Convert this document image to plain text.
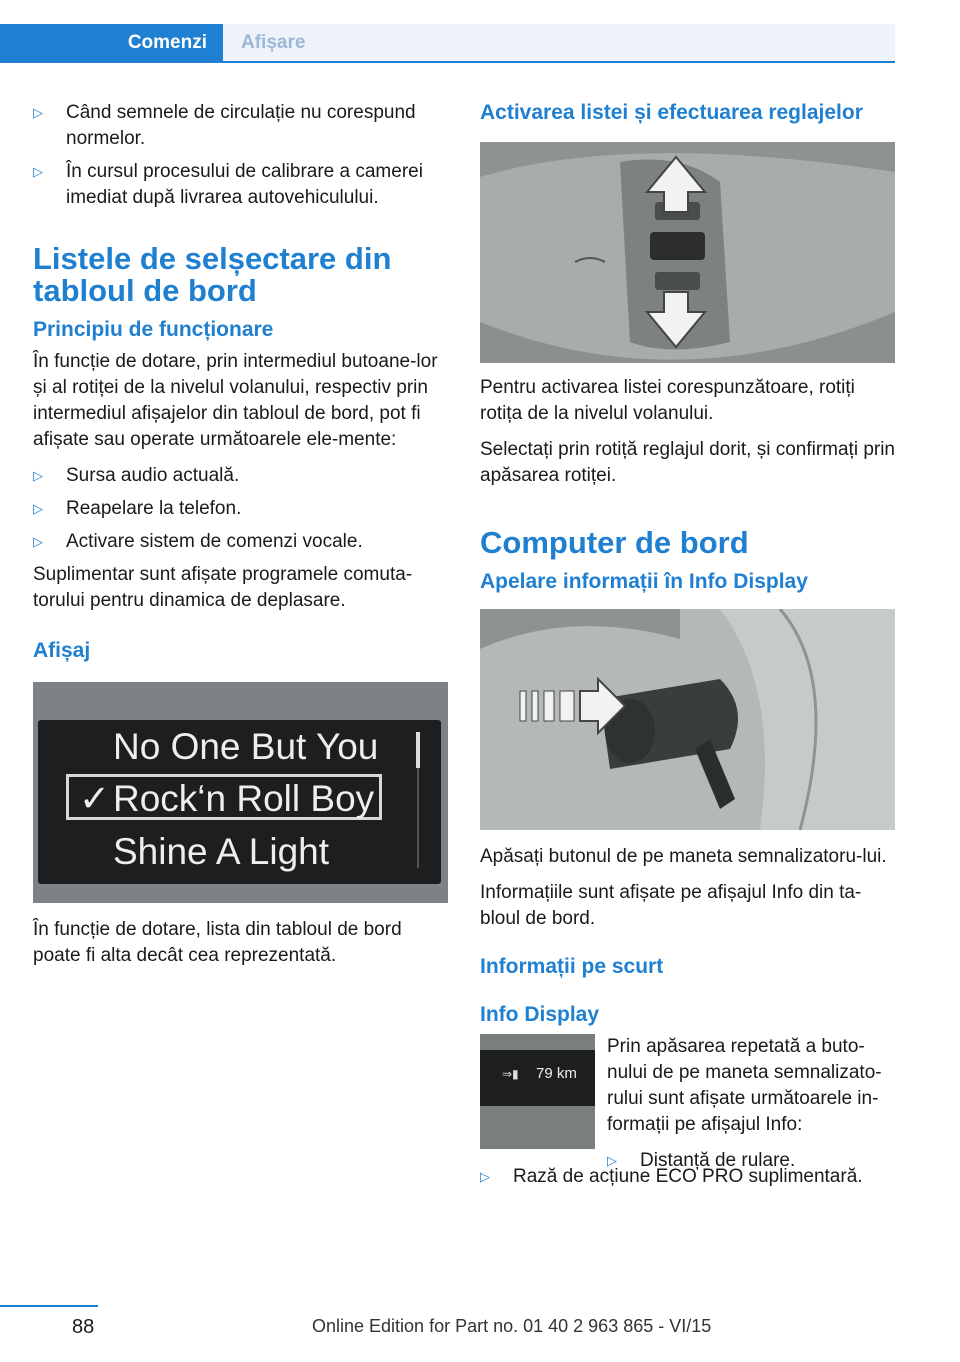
Comenzi	Afișare
▷ Când semnele de circulație nu corespund normelor.
▷ În cursul procesului de calibrare a camerei imediat după livrarea autovehiculului.
Listele de selșectare din tabloul de bord
Principiu de funcționare

În funcție de dotare, prin intermediul butoane-lor și al rotiței de la nivelul volanului, respectiv prin intermediul afișajelor din tabloul de bord, pot fi afișate sau operate următoarele ele-mente:

▷ Sursa audio actuală.
▷ Reapelare la telefon.
▷ Activare sistem de comenzi vocale.

Suplimentar sunt afișate programele comuta-torului pentru dinamica de deplasare.

Afișaj
No One But You
✓ Rock‘n Roll Boy
Shine A Light

În funcție de dotare, lista din tabloul de bord poate fi alta decât cea reprezentată.

Activarea listei și efectuarea reglajelor

Pentru activarea listei corespunzătoare, rotiți rotița de la nivelul volanului.

Selectați prin rotiță reglajul dorit, și confirmați prin apăsarea rotiței.

Computer de bord
Apelare informații în Info Display

Apăsați butonul de pe maneta semnalizatoru-lui.

Informațiile sunt afișate pe afișajul Info din ta-bloul de bord.

Informații pe scurt
Info Display
⇒▮ 79 km

Prin apăsarea repetată a buto-nului de pe maneta semnalizato-rului sunt afișate următoarele in-formații pe afișajul Info:

▷ Distanță de rulare.
▷ Rază de acțiune ECO PRO suplimentară.
88	Online Edition for Part no. 01 40 2 963 865 - VI/15
